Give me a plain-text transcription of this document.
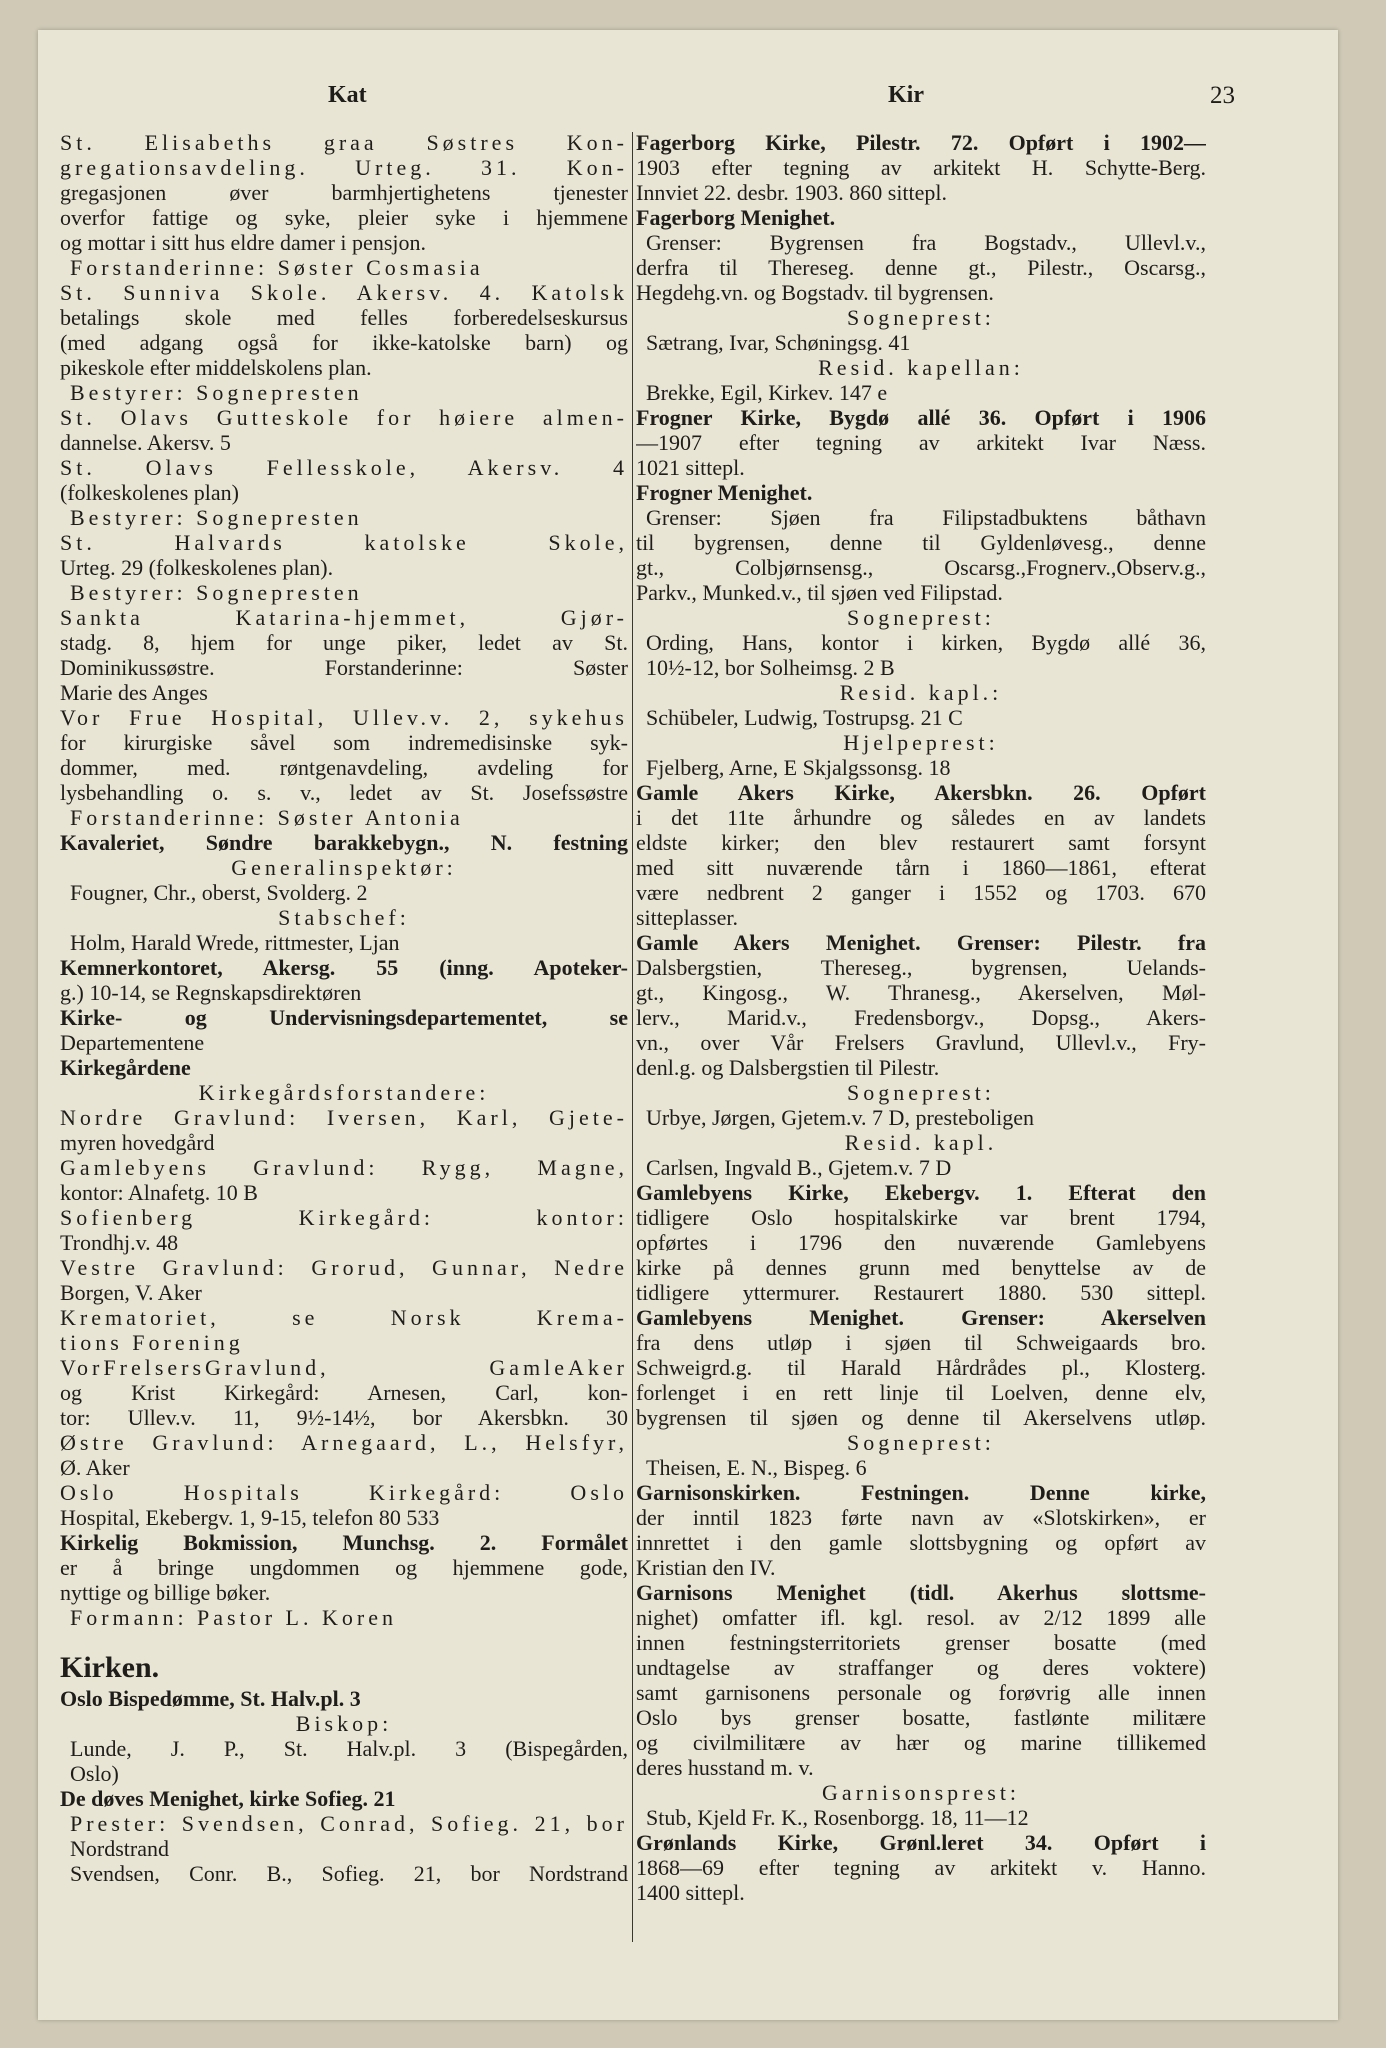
Kat	Kir	23
St. Elisabeths graa Søstres Kon-
gregationsavdeling. Urteg. 31. Kon-
gregasjonen øver barmhjertighetens tjenester
overfor fattige og syke, pleier syke i hjemmene
og mottar i sitt hus eldre damer i pensjon.
Forstanderinne: Søster Cosmasia
St. Sunniva Skole. Akersv. 4. Katolsk
betalings skole med felles forberedelseskursus
(med adgang også for ikke-katolske barn) og
pikeskole efter middelskolens plan.
Bestyrer: Sognepresten
St. Olavs Gutteskole for høiere almen-
dannelse. Akersv. 5
St. Olavs Fellesskole, Akersv. 4
(folkeskolenes plan)
Bestyrer: Sognepresten
St. Halvards katolske Skole,
Urteg. 29 (folkeskolenes plan).
Bestyrer: Sognepresten
Sankta Katarina-hjemmet, Gjør-
stadg. 8, hjem for unge piker, ledet av St.
Dominikussøstre. Forstanderinne: Søster
Marie des Anges
Vor Frue Hospital, Ullev.v. 2, sykehus
for kirurgiske såvel som indremedisinske syk-
dommer, med. røntgenavdeling, avdeling for
lysbehandling o. s. v., ledet av St. Josefssøstre
Forstanderinne: Søster Antonia
Kavaleriet, Søndre barakkebygn., N. festning
Generalinspektør:
Fougner, Chr., oberst, Svolderg. 2
Stabschef:
Holm, Harald Wrede, rittmester, Ljan
Kemnerkontoret, Akersg. 55 (inng. Apoteker-
g.) 10-14, se Regnskapsdirektøren
Kirke- og Undervisningsdepartementet, se
Departementene
Kirkegårdene
Kirkegårdsforstandere:
Nordre Gravlund: Iversen, Karl, Gjete-
myren hovedgård
Gamlebyens Gravlund: Rygg, Magne,
kontor: Alnafetg. 10 B
Sofienberg Kirkegård: kontor:
Trondhj.v. 48
Vestre Gravlund: Grorud, Gunnar, Nedre
Borgen, V. Aker
Krematoriet, se Norsk Krema-
tions Forening
VorFrelsersGravlund, GamleAker
og Krist Kirkegård: Arnesen, Carl, kon-
tor: Ullev.v. 11, 9½-14½, bor Akersbkn. 30
Østre Gravlund: Arnegaard, L., Helsfyr,
Ø. Aker
Oslo Hospitals Kirkegård: Oslo
Hospital, Ekebergv. 1, 9-15, telefon 80 533
Kirkelig Bokmission, Munchsg. 2. Formålet
er å bringe ungdommen og hjemmene gode,
nyttige og billige bøker.
Formann: Pastor L. Koren
Kirken.
Oslo Bispedømme, St. Halv.pl. 3
Biskop:
Lunde, J. P., St. Halv.pl. 3 (Bispegården,
Oslo)
De døves Menighet, kirke Sofieg. 21
Prester: Svendsen, Conrad, Sofieg. 21, bor
Nordstrand
Svendsen, Conr. B., Sofieg. 21, bor Nordstrand
Fagerborg Kirke, Pilestr. 72. Opført i 1902—
1903 efter tegning av arkitekt H. Schytte-Berg.
Innviet 22. desbr. 1903. 860 sittepl.
Fagerborg Menighet.
Grenser: Bygrensen fra Bogstadv., Ullevl.v.,
derfra til Thereseg. denne gt., Pilestr., Oscarsg.,
Hegdehg.vn. og Bogstadv. til bygrensen.
Sogneprest:
Sætrang, Ivar, Schøningsg. 41
Resid. kapellan:
Brekke, Egil, Kirkev. 147 e
Frogner Kirke, Bygdø allé 36. Opført i 1906
—1907 efter tegning av arkitekt Ivar Næss.
1021 sittepl.
Frogner Menighet.
Grenser: Sjøen fra Filipstadbuktens båthavn
til bygrensen, denne til Gyldenløvesg., denne
gt., Colbjørnsensg., Oscarsg.,Frognerv.,Observ.g.,
Parkv., Munked.v., til sjøen ved Filipstad.
Sogneprest:
Ording, Hans, kontor i kirken, Bygdø allé 36,
10½-12, bor Solheimsg. 2 B
Resid. kapl.:
Schübeler, Ludwig, Tostrupsg. 21 C
Hjelpeprest:
Fjelberg, Arne, E Skjalgssonsg. 18
Gamle Akers Kirke, Akersbkn. 26. Opført
i det 11te århundre og således en av landets
eldste kirker; den blev restaurert samt forsynt
med sitt nuværende tårn i 1860—1861, efterat
være nedbrent 2 ganger i 1552 og 1703. 670
sitteplasser.
Gamle Akers Menighet. Grenser: Pilestr. fra
Dalsbergstien, Thereseg., bygrensen, Uelands-
gt., Kingosg., W. Thranesg., Akerselven, Møl-
lerv., Marid.v., Fredensborgv., Dopsg., Akers-
vn., over Vår Frelsers Gravlund, Ullevl.v., Fry-
denl.g. og Dalsbergstien til Pilestr.
Sogneprest:
Urbye, Jørgen, Gjetem.v. 7 D, presteboligen
Resid. kapl.
Carlsen, Ingvald B., Gjetem.v. 7 D
Gamlebyens Kirke, Ekebergv. 1. Efterat den
tidligere Oslo hospitalskirke var brent 1794,
opførtes i 1796 den nuværende Gamlebyens
kirke på dennes grunn med benyttelse av de
tidligere yttermurer. Restaurert 1880. 530 sittepl.
Gamlebyens Menighet. Grenser: Akerselven
fra dens utløp i sjøen til Schweigaards bro.
Schweigrd.g. til Harald Hårdrådes pl., Klosterg.
forlenget i en rett linje til Loelven, denne elv,
bygrensen til sjøen og denne til Akerselvens utløp.
Sogneprest:
Theisen, E. N., Bispeg. 6
Garnisonskirken. Festningen. Denne kirke,
der inntil 1823 førte navn av «Slotskirken», er
innrettet i den gamle slottsbygning og opført av
Kristian den IV.
Garnisons Menighet (tidl. Akerhus slottsme-
nighet) omfatter ifl. kgl. resol. av 2/12 1899 alle
innen festningsterritoriets grenser bosatte (med
undtagelse av straffanger og deres voktere)
samt garnisonens personale og forøvrig alle innen
Oslo bys grenser bosatte, fastlønte militære
og civilmilitære av hær og marine tillikemed
deres husstand m. v.
Garnisonsprest:
Stub, Kjeld Fr. K., Rosenborgg. 18, 11—12
Grønlands Kirke, Grønl.leret 34. Opført i
1868—69 efter tegning av arkitekt v. Hanno.
1400 sittepl.
